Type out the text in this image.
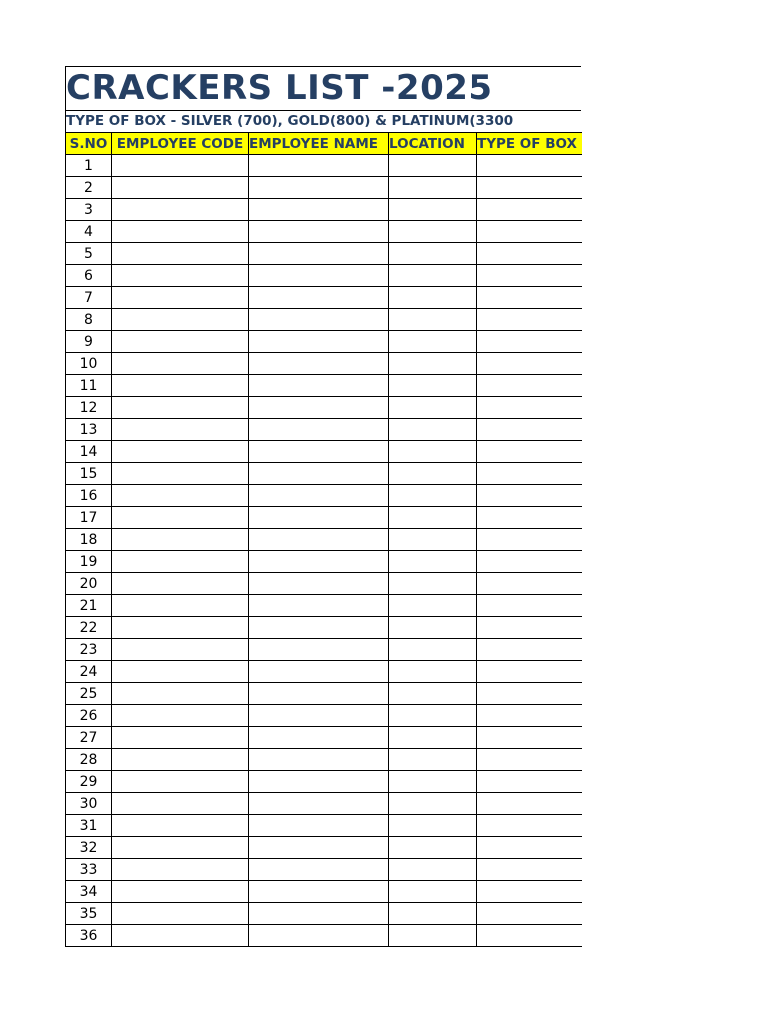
CRACKERS LIST -2025
TYPE OF BOX - SILVER (700), GOLD(800) & PLATINUM(3300
S.NO	EMPLOYEE CODE	EMPLOYEE NAME	LOCATION	TYPE OF BOX
1				
2				
3				
4				
5				
6				
7				
8				
9				
10				
11				
12				
13				
14				
15				
16				
17				
18				
19				
20				
21				
22				
23				
24				
25				
26				
27				
28				
29				
30				
31				
32				
33				
34				
35				
36				
